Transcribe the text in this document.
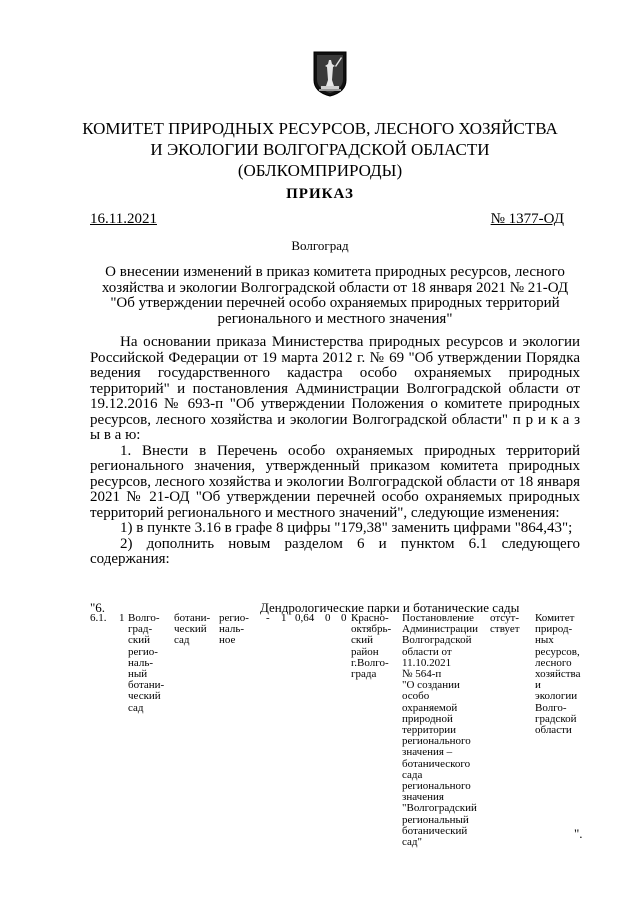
КОМИТЕТ ПРИРОДНЫХ РЕСУРСОВ, ЛЕСНОГО ХОЗЯЙСТВА
И ЭКОЛОГИИ ВОЛГОГРАДСКОЙ ОБЛАСТИ
(ОБЛКОМПРИРОДЫ)
ПРИКАЗ
16.11.2021	№ 1377-ОД
Волгоград
О внесении изменений в приказ комитета природных ресурсов, лесного хозяйства и экологии Волгоградской области от 18 января 2021 № 21-ОД "Об утверждении перечней особо охраняемых природных территорий регионального и местного значения"

На основании приказа Министерства природных ресурсов и экологии Российской Федерации от 19 марта 2012 г. № 69 "Об утверждении Порядка ведения государственного кадастра особо охраняемых природных территорий" и постановления Администрации Волгоградской области от 19.12.2016 № 693-п "Об утверждении Положения о комитете природных ресурсов, лесного хозяйства и экологии Волгоградской области" п р и к а з ы в а ю:

1. Внести в Перечень особо охраняемых природных территорий регионального значения, утвержденный приказом комитета природных ресурсов, лесного хозяйства и экологии Волгоградской области от 18 января 2021 № 21-ОД "Об утверждении перечней особо охраняемых природных территорий регионального и местного значений", следующие изменения:

1) в пункте 3.16 в графе 8 цифры "179,38" заменить цифрами "864,43";

2) дополнить новым разделом 6 и пунктом 6.1 следующего содержания:

"6.	Дендрологические парки и ботанические сады
6.1. 1 Волго-
град-
ский
регио-
наль-
ный
ботани-
ческий
сад
ботани-
ческий
сад
регио-
наль-
ное
- 1 0,64 0 0 Красно-
октябрь-
ский
район
г.Волго-
града
Постановление
Администрации
Волгоградской
области от
11.10.2021
№ 564-п
"О создании
особо
охраняемой
природной
территории
регионального
значения –
ботанического
сада
регионального
значения
"Волгоградский
региональный
ботанический
сад"
отсут-
ствует
Комитет
природ-
ных
ресурсов,
лесного
хозяйства
и
экологии
Волго-
градской
области
".
